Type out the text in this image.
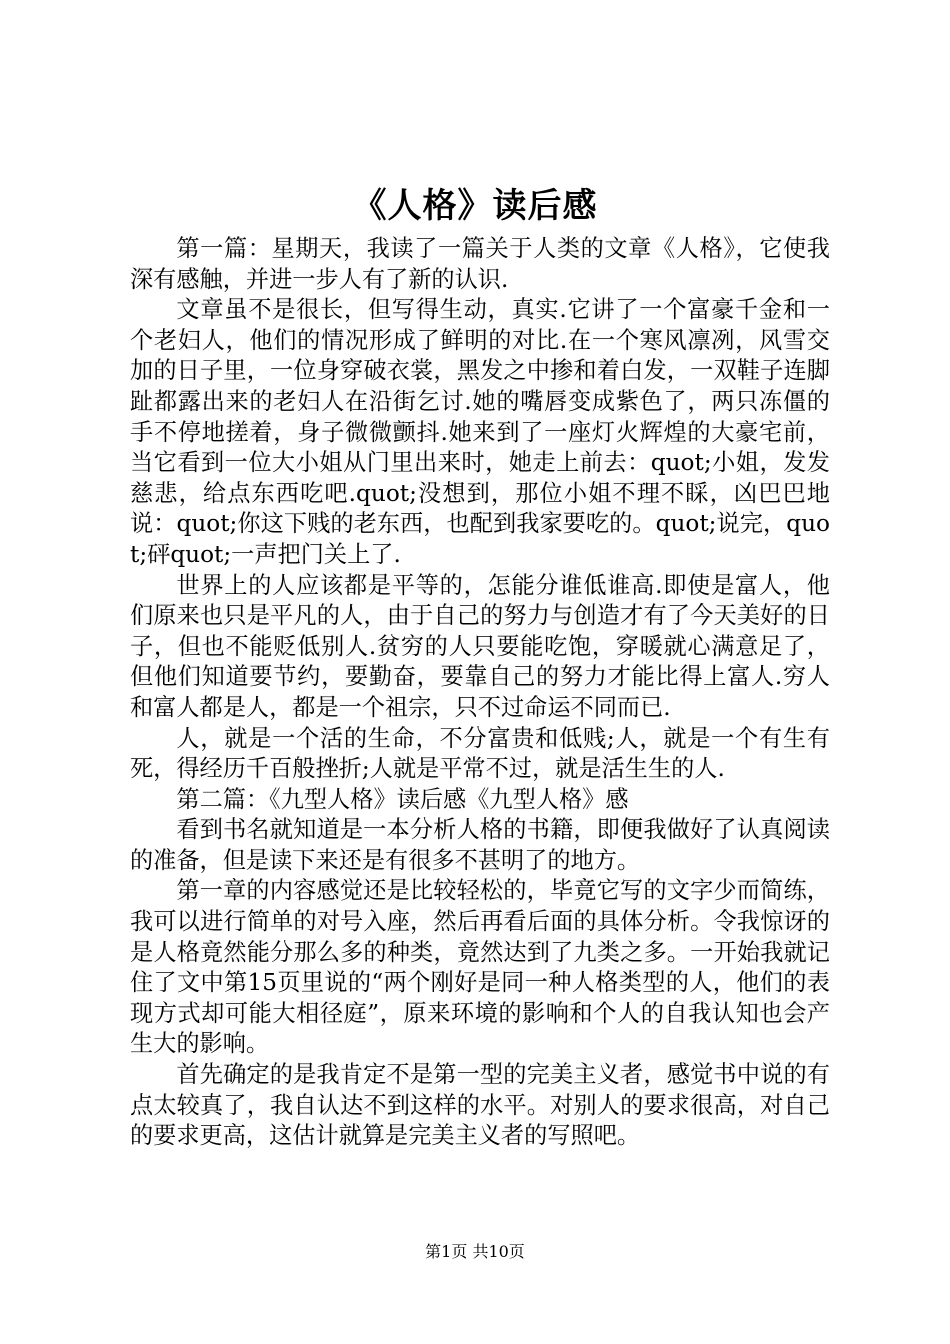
《人格》读后感

第一篇：星期天，我读了一篇关于人类的文章《人格》，它使我深有感触，并进一步人有了新的认识.

文章虽不是很长，但写得生动，真实.它讲了一个富豪千金和一个老妇人，他们的情况形成了鲜明的对比.在一个寒风凛冽，风雪交加的日子里，一位身穿破衣裳，黑发之中掺和着白发，一双鞋子连脚趾都露出来的老妇人在沿街乞讨.她的嘴唇变成紫色了，两只冻僵的手不停地搓着，身子微微颤抖.她来到了一座灯火辉煌的大豪宅前，当它看到一位大小姐从门里出来时，她走上前去：quot;小姐，发发慈悲，给点东西吃吧.quot;没想到，那位小姐不理不睬，凶巴巴地说：quot;你这下贱的老东西，也配到我家要吃的。quot;说完，quot;砰quot;一声把门关上了.

世界上的人应该都是平等的，怎能分谁低谁高.即使是富人，他们原来也只是平凡的人，由于自己的努力与创造才有了今天美好的日子，但也不能贬低别人.贫穷的人只要能吃饱，穿暖就心满意足了，但他们知道要节约，要勤奋，要靠自己的努力才能比得上富人.穷人和富人都是人，都是一个祖宗，只不过命运不同而已.

人，就是一个活的生命，不分富贵和低贱;人，就是一个有生有死，得经历千百般挫折;人就是平常不过，就是活生生的人.

第二篇：《九型人格》读后感《九型人格》感

看到书名就知道是一本分析人格的书籍，即便我做好了认真阅读的准备，但是读下来还是有很多不甚明了的地方。

第一章的内容感觉还是比较轻松的，毕竟它写的文字少而简练，我可以进行简单的对号入座，然后再看后面的具体分析。令我惊讶的是人格竟然能分那么多的种类，竟然达到了九类之多。一开始我就记住了文中第15页里说的“两个刚好是同一种人格类型的人，他们的表现方式却可能大相径庭”，原来环境的影响和个人的自我认知也会产生大的影响。

首先确定的是我肯定不是第一型的完美主义者，感觉书中说的有点太较真了，我自认达不到这样的水平。对别人的要求很高，对自己的要求更高，这估计就算是完美主义者的写照吧。

第1页 共10页
